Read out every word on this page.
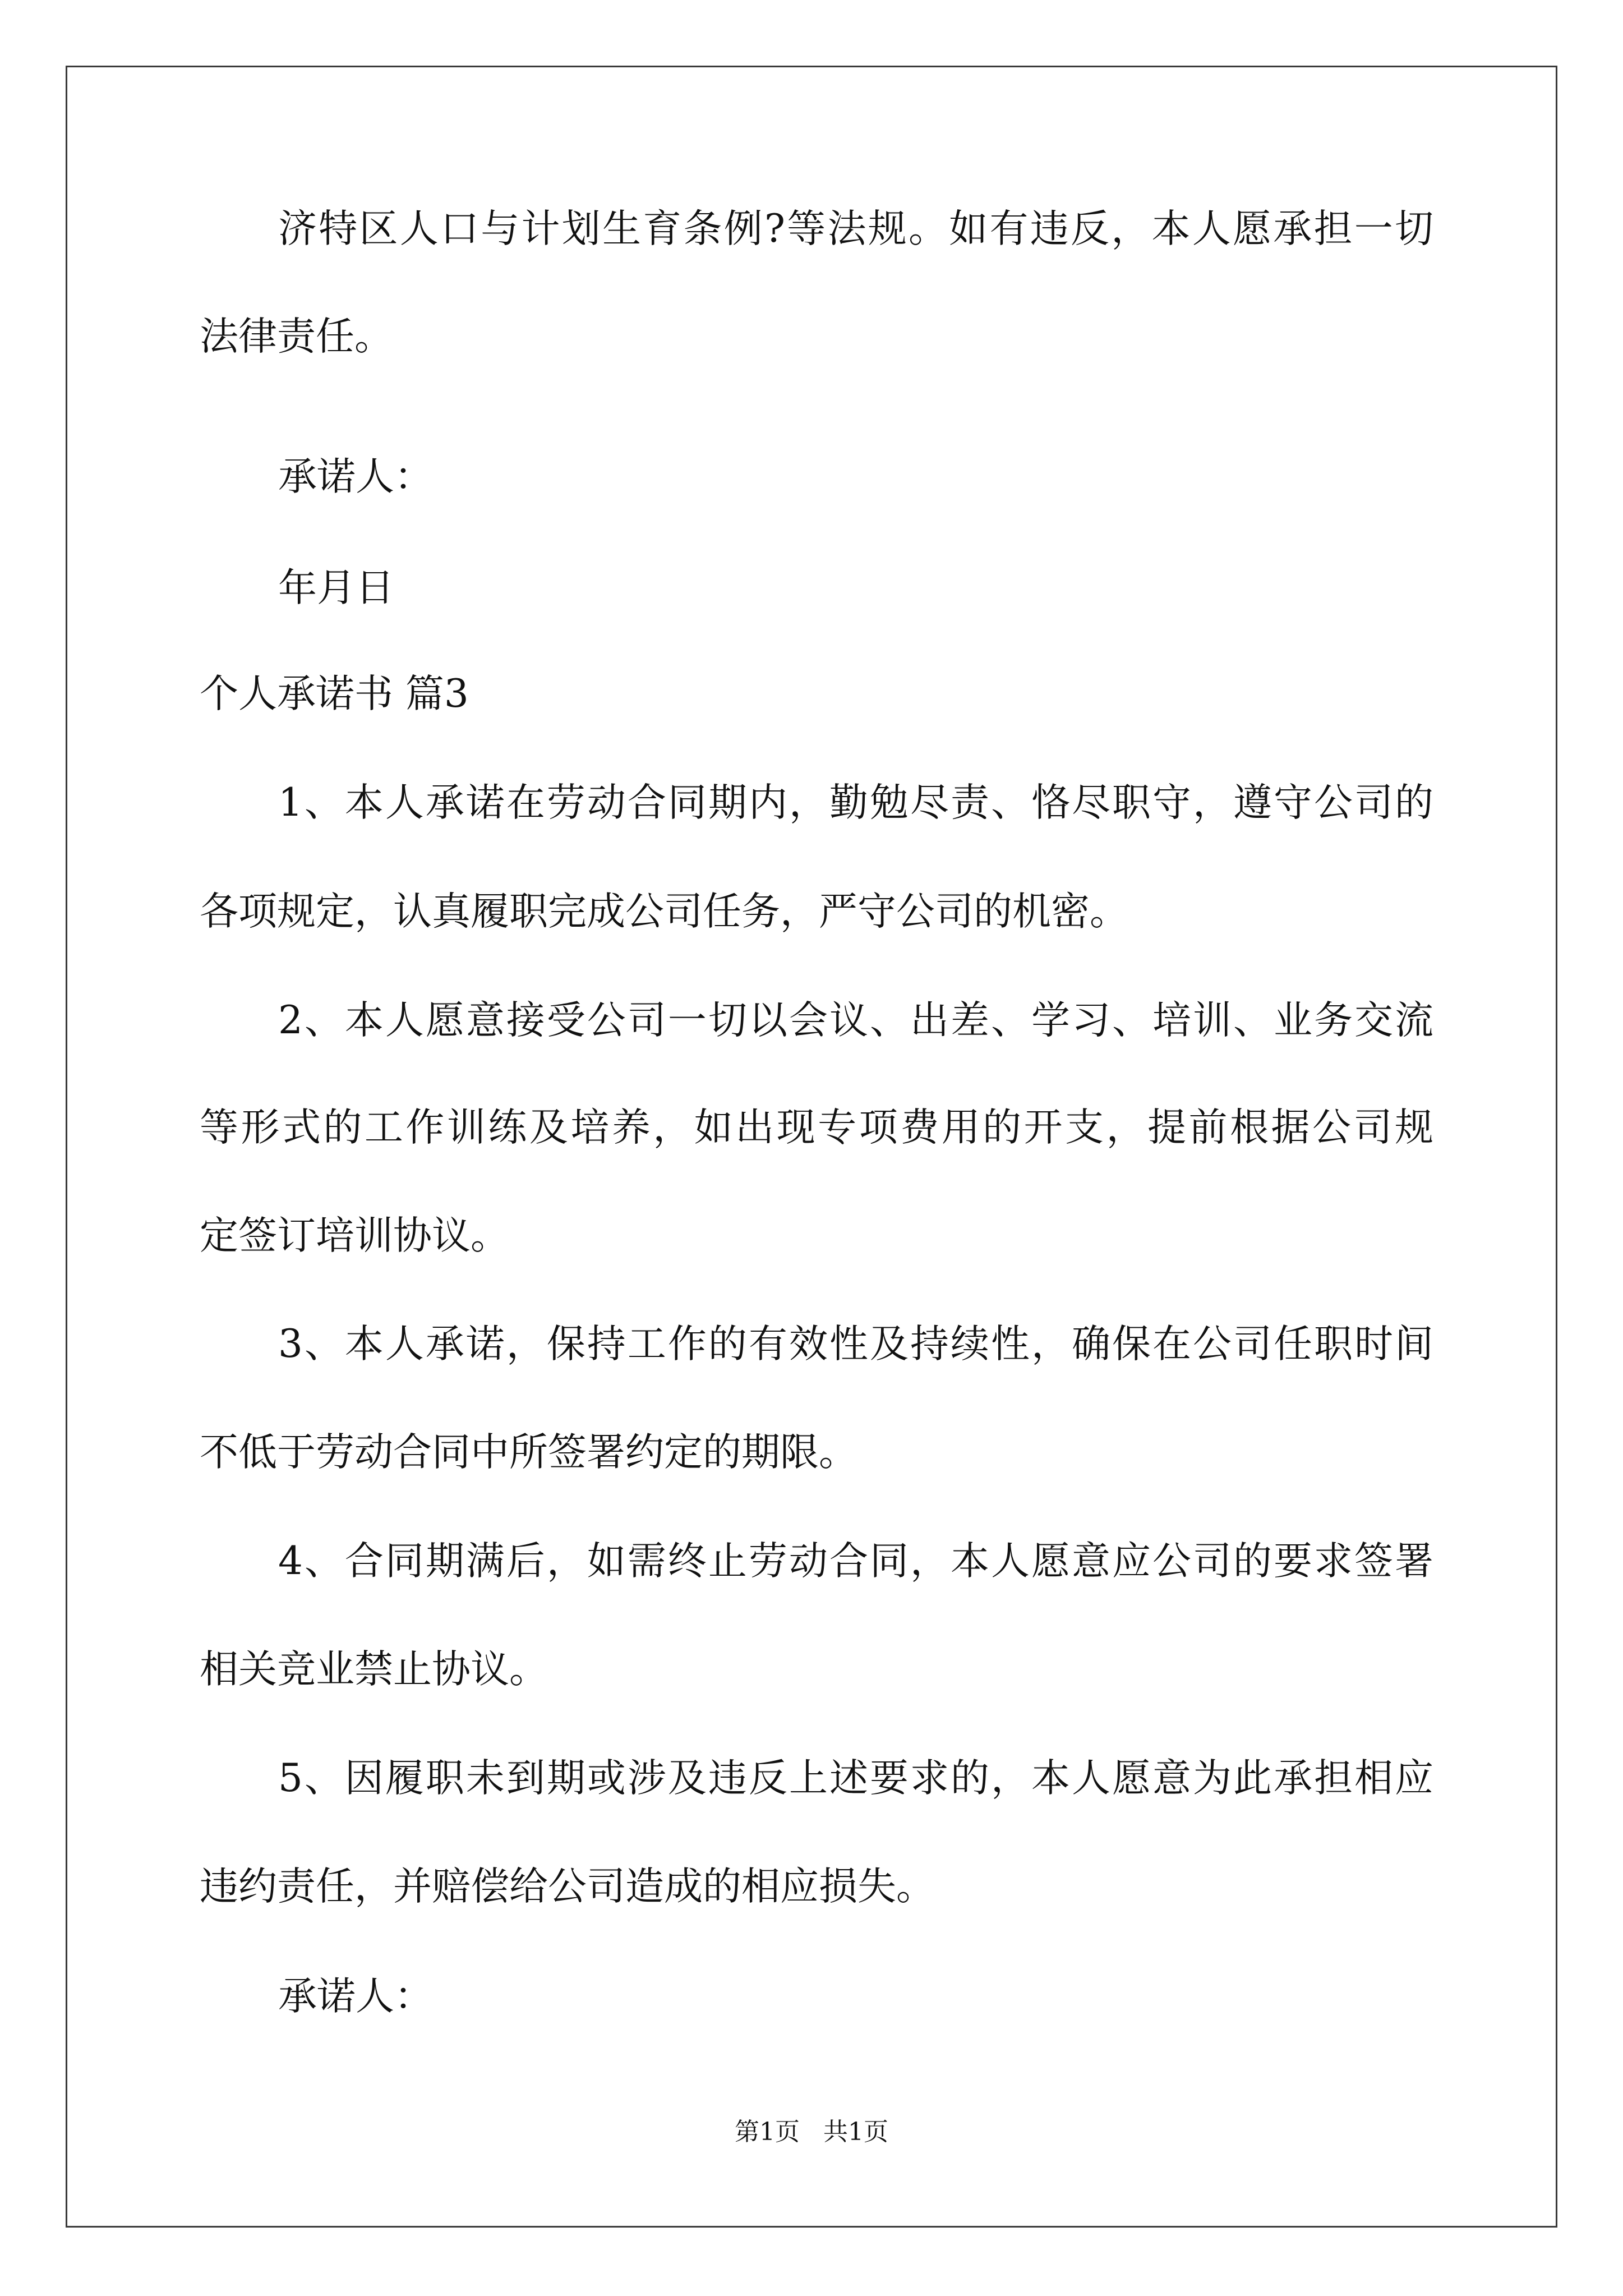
济特区人口与计划生育条例?等法规。如有违反，本人愿承担一切
法律责任。
承诺人：
年月日
个人承诺书 篇3
1、本人承诺在劳动合同期内，勤勉尽责、恪尽职守，遵守公司的
各项规定，认真履职完成公司任务，严守公司的机密。
2、本人愿意接受公司一切以会议、出差、学习、培训、业务交流
等形式的工作训练及培养，如出现专项费用的开支，提前根据公司规
定签订培训协议。
3、本人承诺，保持工作的有效性及持续性，确保在公司任职时间
不低于劳动合同中所签署约定的期限。
4、合同期满后，如需终止劳动合同，本人愿意应公司的要求签署
相关竞业禁止协议。
5、因履职未到期或涉及违反上述要求的，本人愿意为此承担相应
违约责任，并赔偿给公司造成的相应损失。
承诺人：
第1页   共1页
